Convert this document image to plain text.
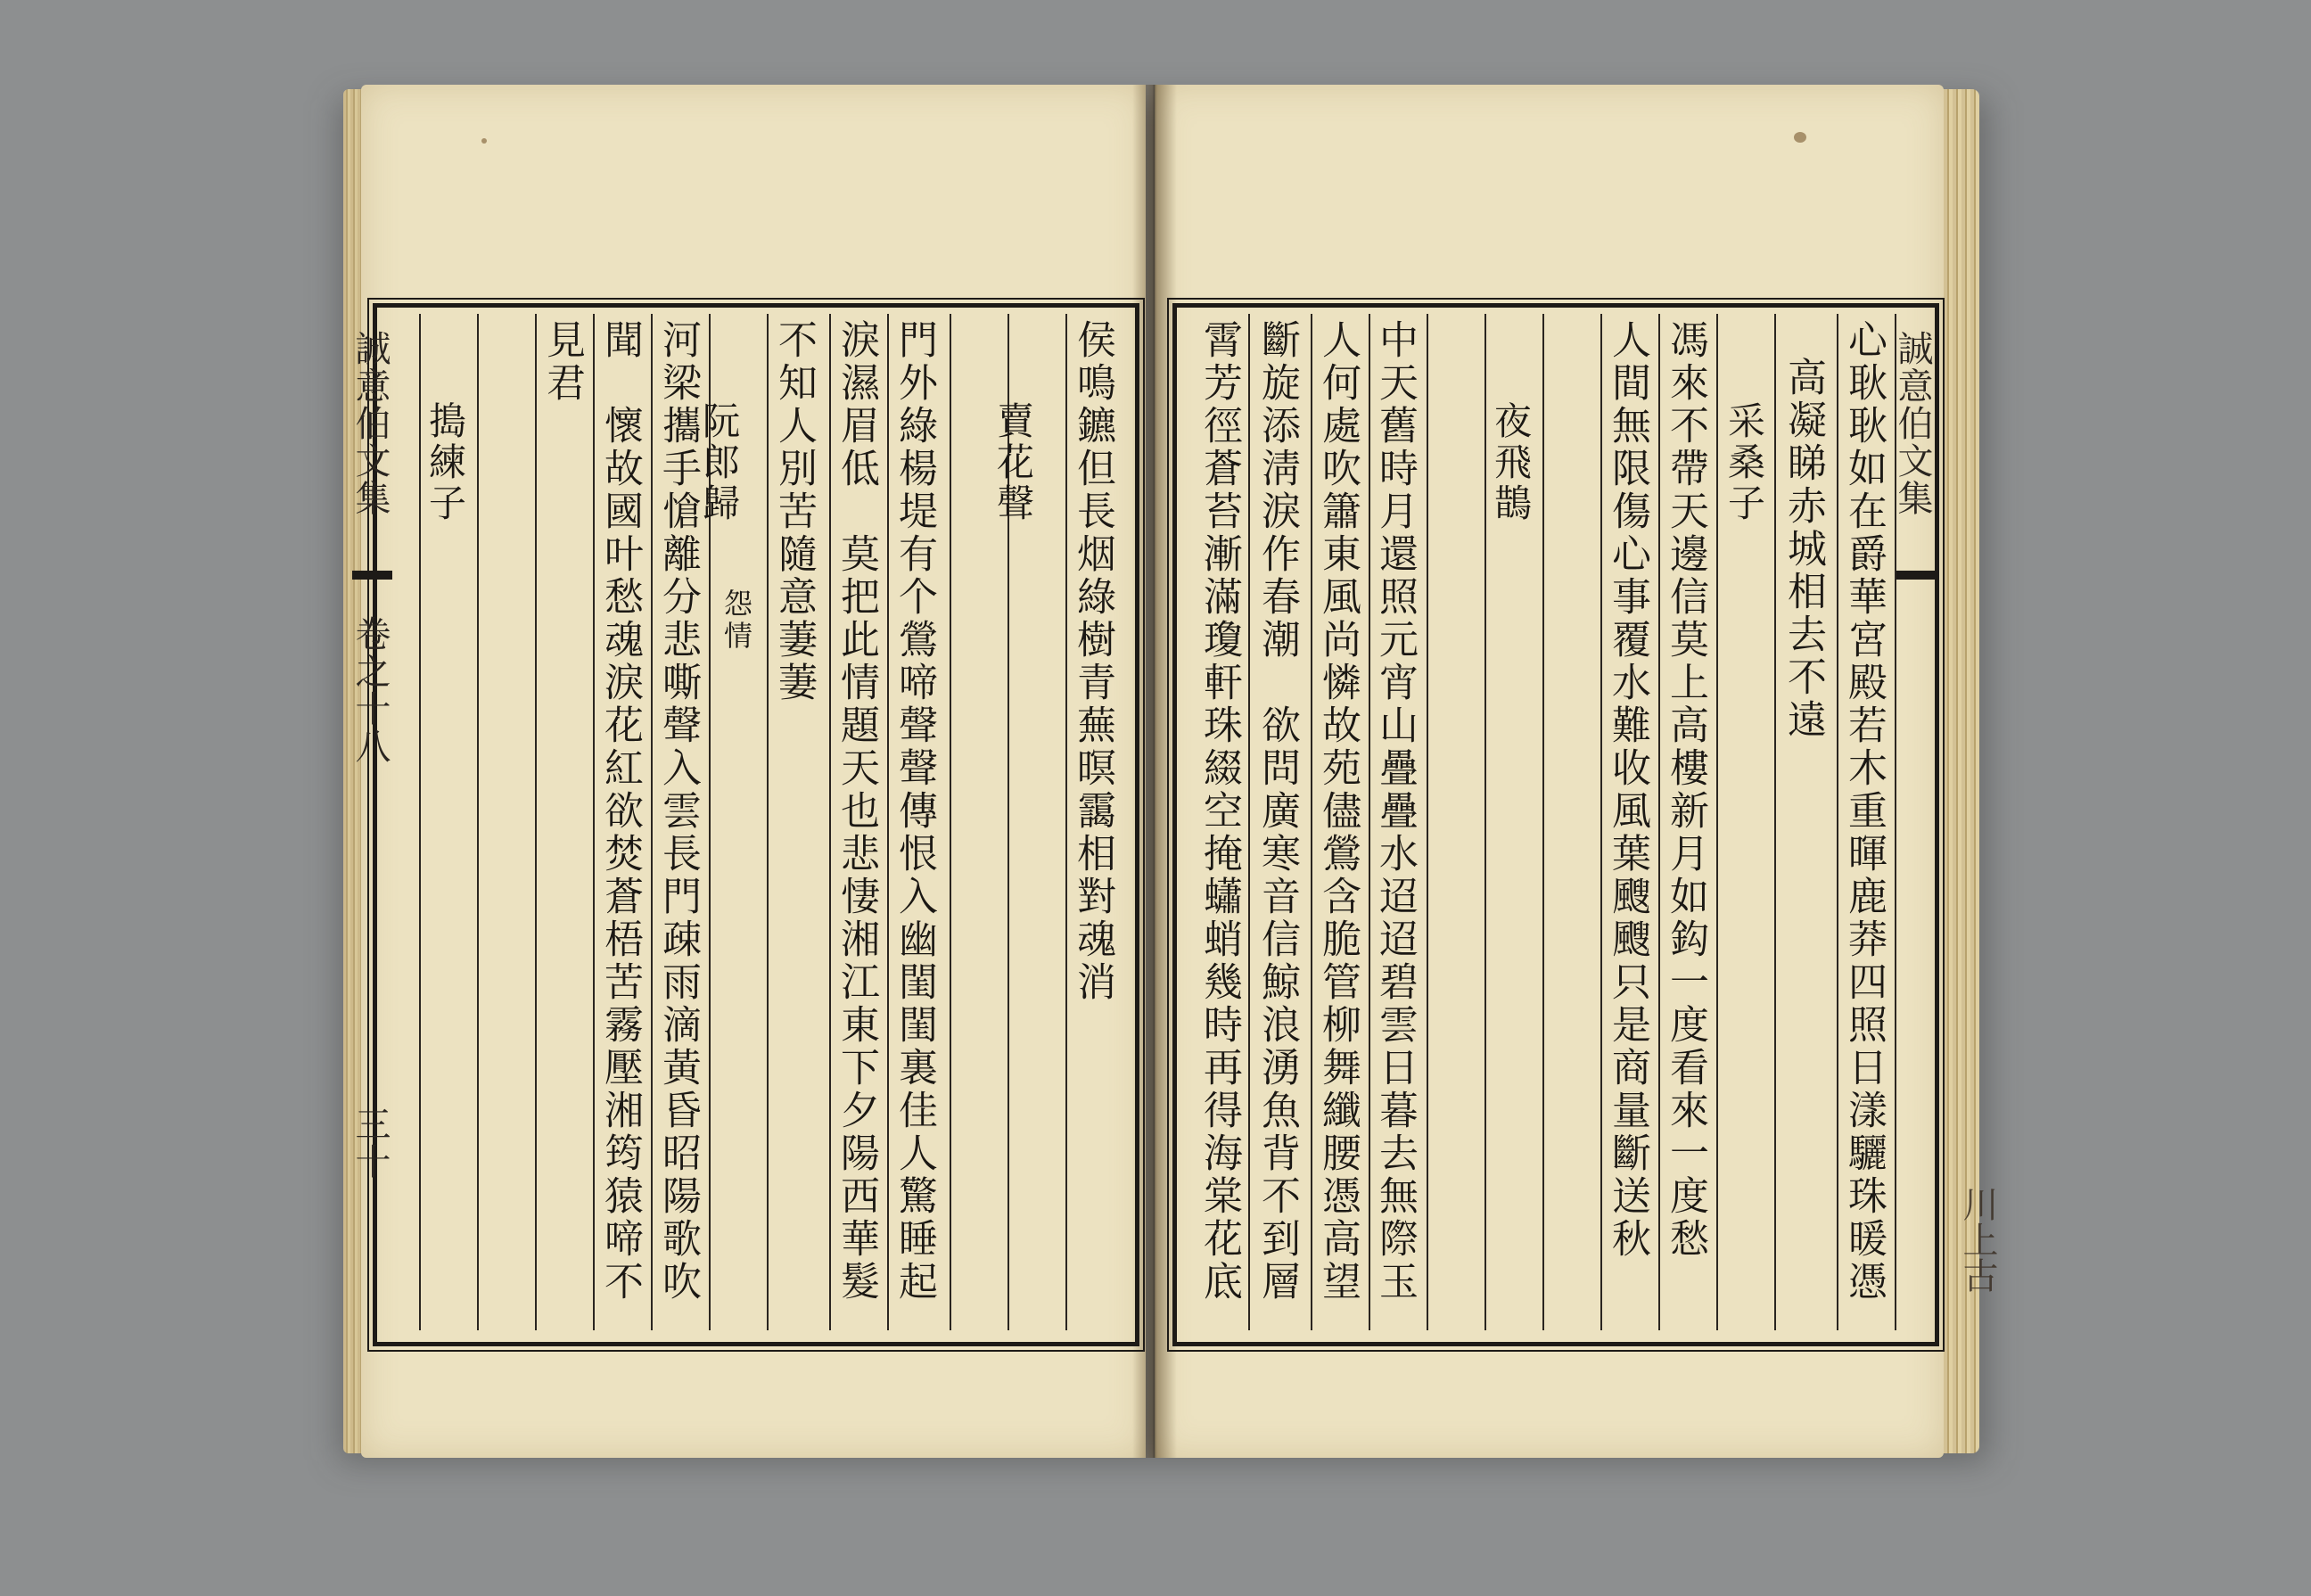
誠意伯文集
卷之十八
三十
誠意伯文集
心耿耿如在爵華宮殿若木重暉鹿莽四照日漾驪珠暖憑
高凝睇赤城相去不遠
采桑子
馮來不帶天邊信莫上高樓新月如鈎一度看來一度愁
人間無限傷心事覆水難收風葉颼颼只是商量斷送秋
夜飛鵲
中天舊時月還照元宵山疊疊水迢迢碧雲日暮去無際玉
人何處吹簫東風尚憐故苑儘鶯含脆管柳舞纖腰憑高望
斷旋添淸淚作春潮　欲問廣寒音信鯨浪湧魚背不到層
霄芳徑蒼苔漸滿瓊軒珠綴空掩蠨蛸幾時再得海棠花底
侯鳴鑣但長烟綠樹青蕪暝靄相對魂消
賣花聲
門外綠楊堤有个鶯啼聲聲傳恨入幽閨閨裏佳人驚睡起
淚濕眉低　莫把此情題天也悲悽湘江東下夕陽西華髮
不知人別苦隨意萋萋
阮郎歸
怨情
河梁攜手愴離分悲嘶聲入雲長門疎雨滴黃昏昭陽歌吹
聞　懷故國叶愁魂淚花紅欲焚蒼梧苦霧壓湘筠猿啼不
見君
搗練子
川上古
